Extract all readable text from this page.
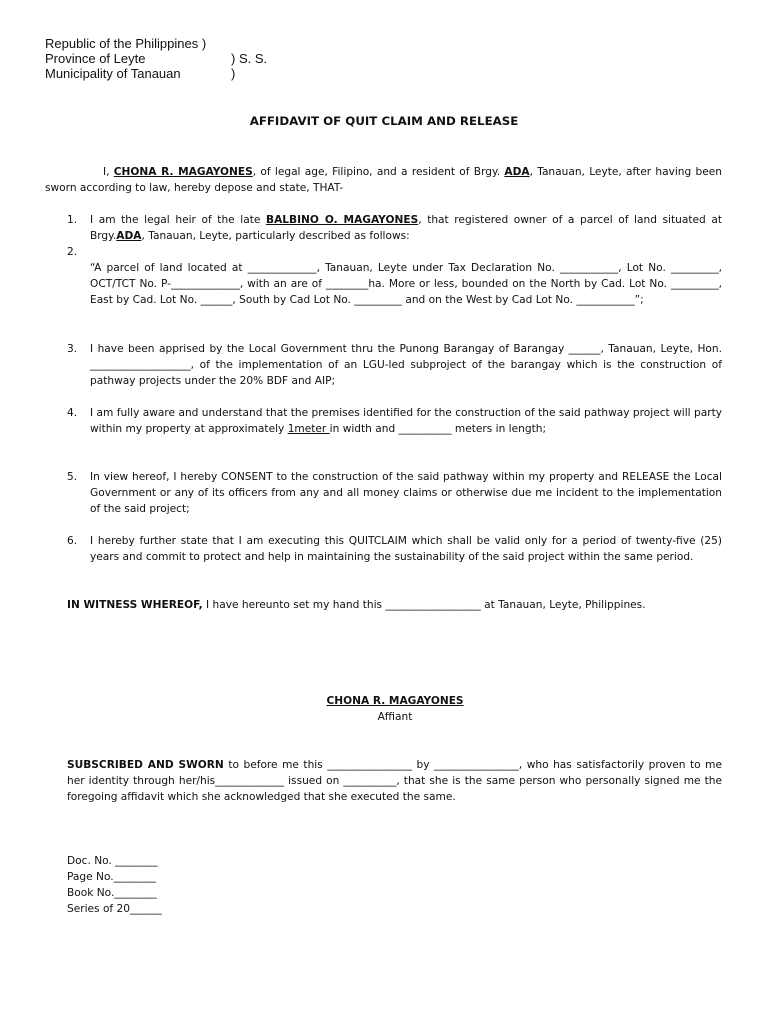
Republic of the Philippines )
Province of Leyte	) S. S.
Municipality of Tanauan	)
AFFIDAVIT OF QUIT CLAIM AND RELEASE

I, CHONA R. MAGAYONES, of legal age, Filipino, and a resident of Brgy. ADA, Tanauan, Leyte, after having been sworn according to law, hereby depose and state, THAT-

1.	I am the legal heir of the late BALBINO O. MAGAYONES, that registered owner of a parcel of land situated at Brgy.ADA, Tanauan, Leyte, particularly described as follows:
2.
“A parcel of land located at _____________, Tanauan, Leyte under Tax Declaration No. ___________, Lot No. _________, OCT/TCT No. P-_____________, with an are of ________ha. More or less, bounded on the North by Cad. Lot No. _________, East by Cad. Lot No. ______, South by Cad Lot No. _________ and on the West by Cad Lot No. ___________”;
3.	I have been apprised by the Local Government thru the Punong Barangay of Barangay ______, Tanauan, Leyte, Hon. ___________________, of the implementation of an LGU-led subproject of the barangay which is the construction of pathway projects under the 20% BDF and AIP;
4.	I am fully aware and understand that the premises identified for the construction of the said pathway project will party within my property at approximately 1meter in width and __________ meters in length;
5.	In view hereof, I hereby CONSENT to the construction of the said pathway within my property and RELEASE the Local Government or any of its officers from any and all money claims or otherwise due me incident to the implementation of the said project;
6.	I hereby further state that I am executing this QUITCLAIM which shall be valid only for a period of twenty-five (25) years and commit to protect and help in maintaining the sustainability of the said project within the same period.

IN WITNESS WHEREOF, I have hereunto set my hand this __________________ at Tanauan, Leyte, Philippines.

CHONA R. MAGAYONES
Affiant

SUBSCRIBED AND SWORN to before me this ________________ by ________________, who has satisfactorily proven to me her identity through her/his_____________ issued on __________, that she is the same person who personally signed me the foregoing affidavit which she acknowledged that she executed the same.

Doc. No. ________
Page No.________
Book No.________
Series of 20______
